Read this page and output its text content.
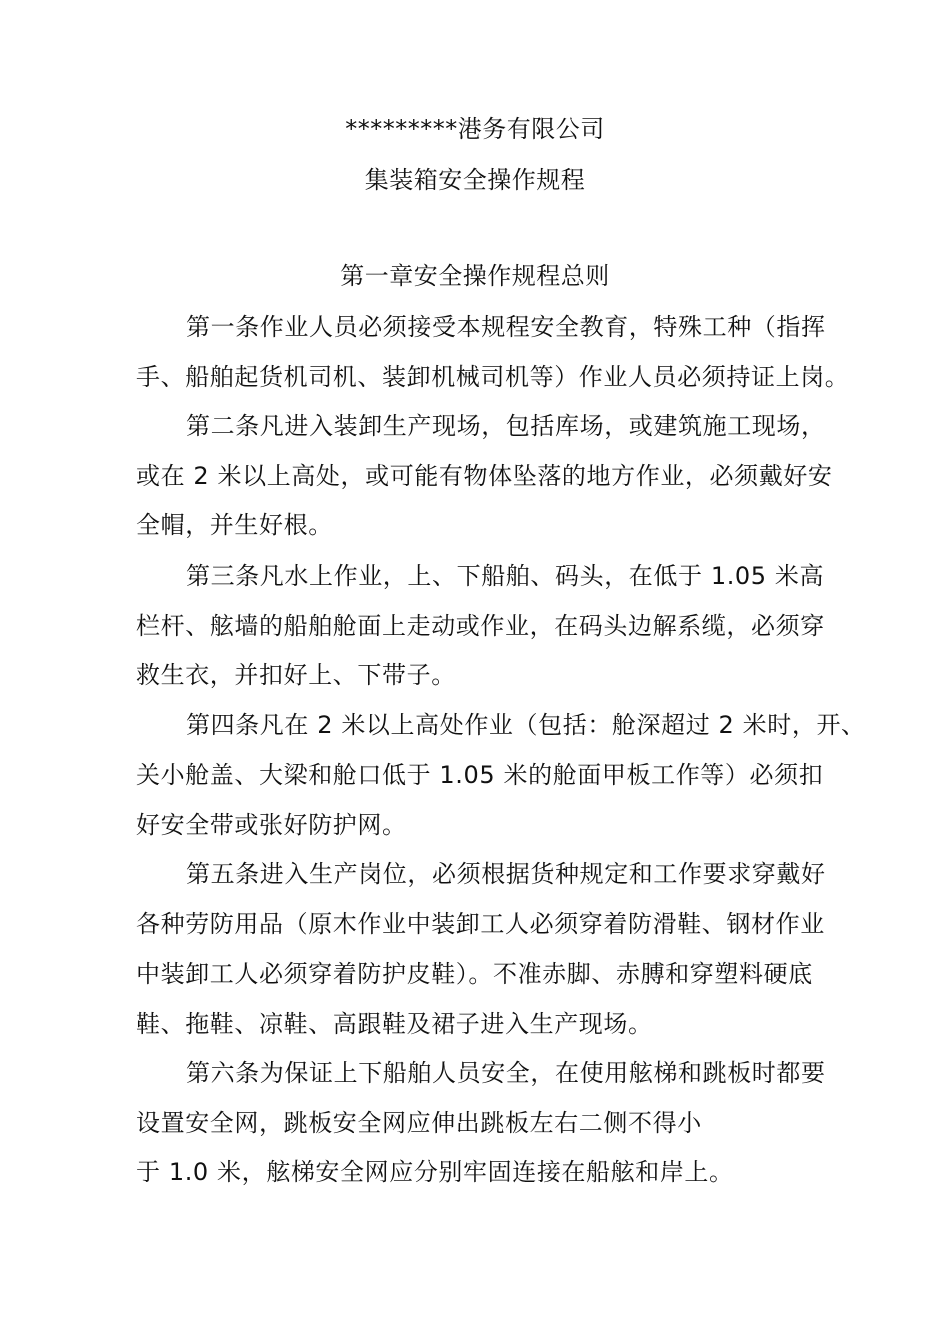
*********港务有限公司
集装箱安全操作规程
第一章安全操作规程总则
第一条作业人员必须接受本规程安全教育，特殊工种（指挥
手、船舶起货机司机、装卸机械司机等）作业人员必须持证上岗。
第二条凡进入装卸生产现场，包括库场，或建筑施工现场，
或在 2 米以上高处，或可能有物体坠落的地方作业，必须戴好安
全帽，并生好根。
第三条凡水上作业，上、下船舶、码头，在低于 1.05 米高
栏杆、舷墙的船舶舱面上走动或作业，在码头边解系缆，必须穿
救生衣，并扣好上、下带子。
第四条凡在 2 米以上高处作业（包括：舱深超过 2 米时，开、
关小舱盖、大梁和舱口低于 1.05 米的舱面甲板工作等）必须扣
好安全带或张好防护网。
第五条进入生产岗位，必须根据货种规定和工作要求穿戴好
各种劳防用品（原木作业中装卸工人必须穿着防滑鞋、钢材作业
中装卸工人必须穿着防护皮鞋）。不准赤脚、赤膊和穿塑料硬底
鞋、拖鞋、凉鞋、高跟鞋及裙子进入生产现场。
第六条为保证上下船舶人员安全，在使用舷梯和跳板时都要
设置安全网，跳板安全网应伸出跳板左右二侧不得小
于 1.0 米，舷梯安全网应分别牢固连接在船舷和岸上。
